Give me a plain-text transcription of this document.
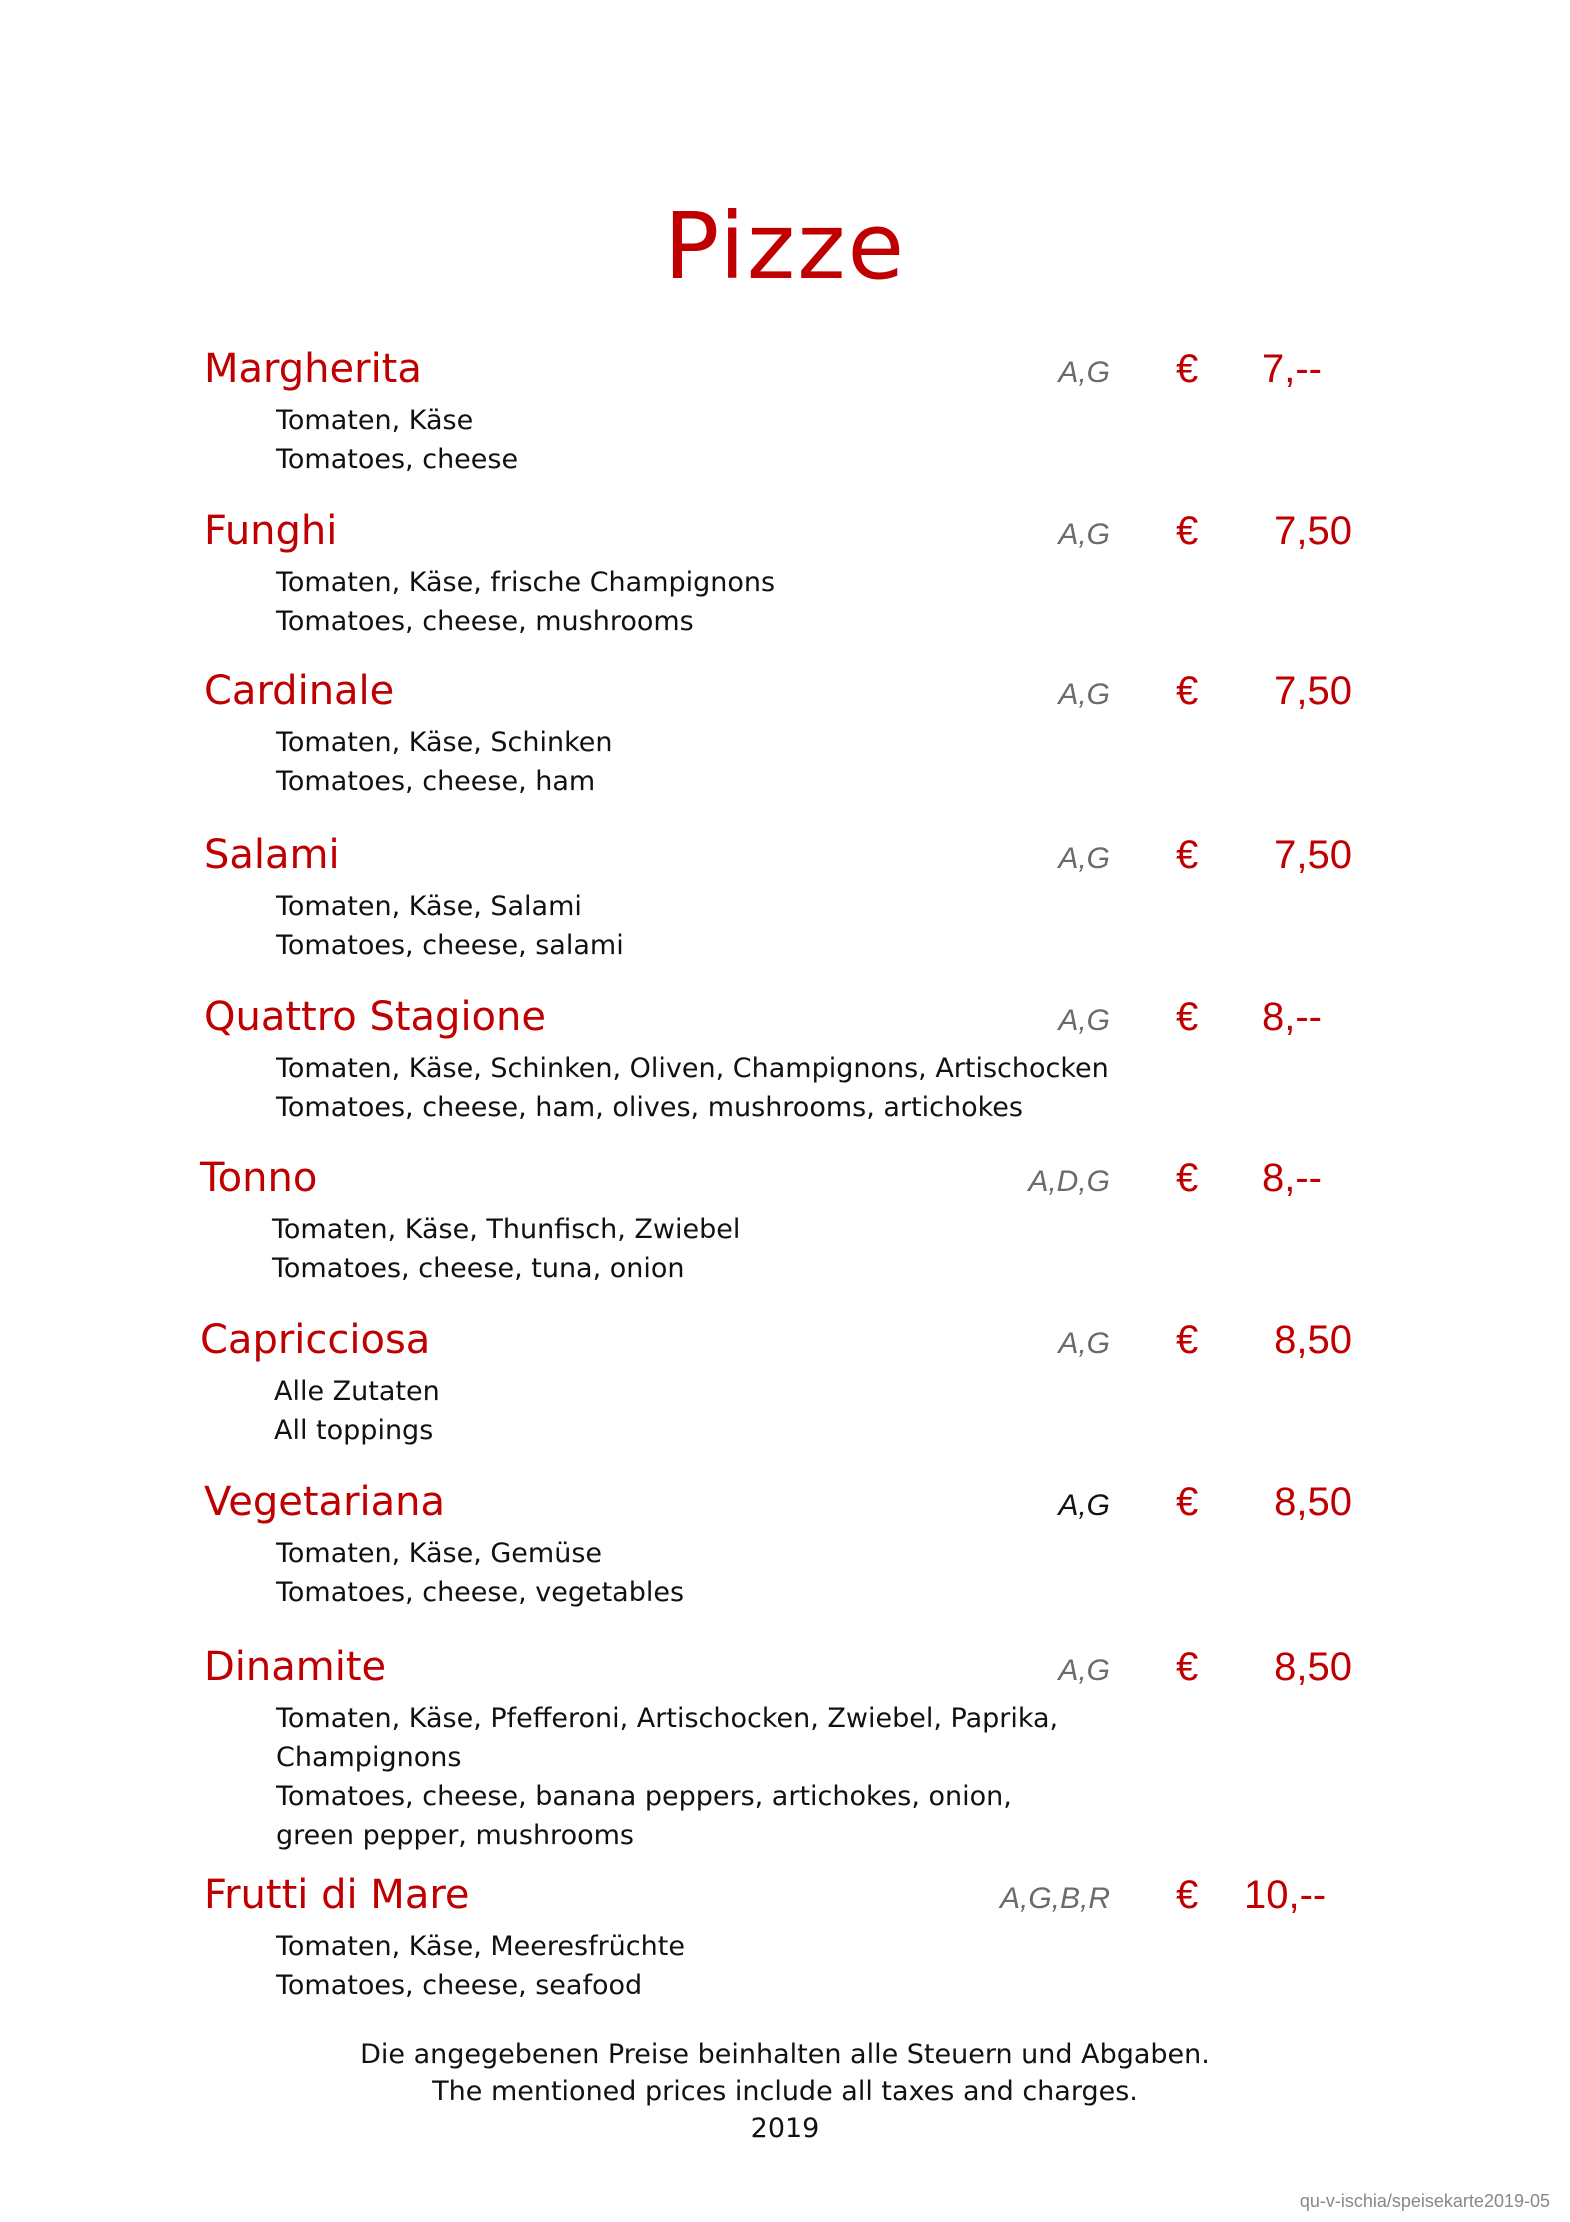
Pizze
Margherita	A,G € 7,--
Tomaten, Käse
Tomatoes, cheese
Funghi	A,G €	7,50
Tomaten, Käse, frische Champignons
Tomatoes, cheese, mushrooms
Cardinale	A,G €	7,50
Tomaten, Käse, Schinken
Tomatoes, cheese, ham
Salami	A,G €	7,50
Tomaten, Käse, Salami
Tomatoes, cheese, salami
Quattro Stagione	A,G € 8,--
Tomaten, Käse, Schinken, Oliven, Champignons, Artischocken
Tomatoes, cheese, ham, olives, mushrooms, artichokes
Tonno	A,D,G € 8,--
Tomaten, Käse, Thunfisch, Zwiebel
Tomatoes, cheese, tuna, onion
Capricciosa	A,G €	8,50
Alle Zutaten
All toppings
Vegetariana	A,G €	8,50
Tomaten, Käse, Gemüse
Tomatoes, cheese, vegetables
Dinamite	A,G €	8,50
Tomaten, Käse, Pfefferoni, Artischocken, Zwiebel, Paprika,
Champignons
Tomatoes, cheese, banana peppers, artichokes, onion,
green pepper, mushrooms
Frutti di Mare	A,G,B,R € 10,--
Tomaten, Käse, Meeresfrüchte
Tomatoes, cheese, seafood
Die angegebenen Preise beinhalten alle Steuern und Abgaben.
The mentioned prices include all taxes and charges.
2019
qu-v-ischia/speisekarte2019-05
